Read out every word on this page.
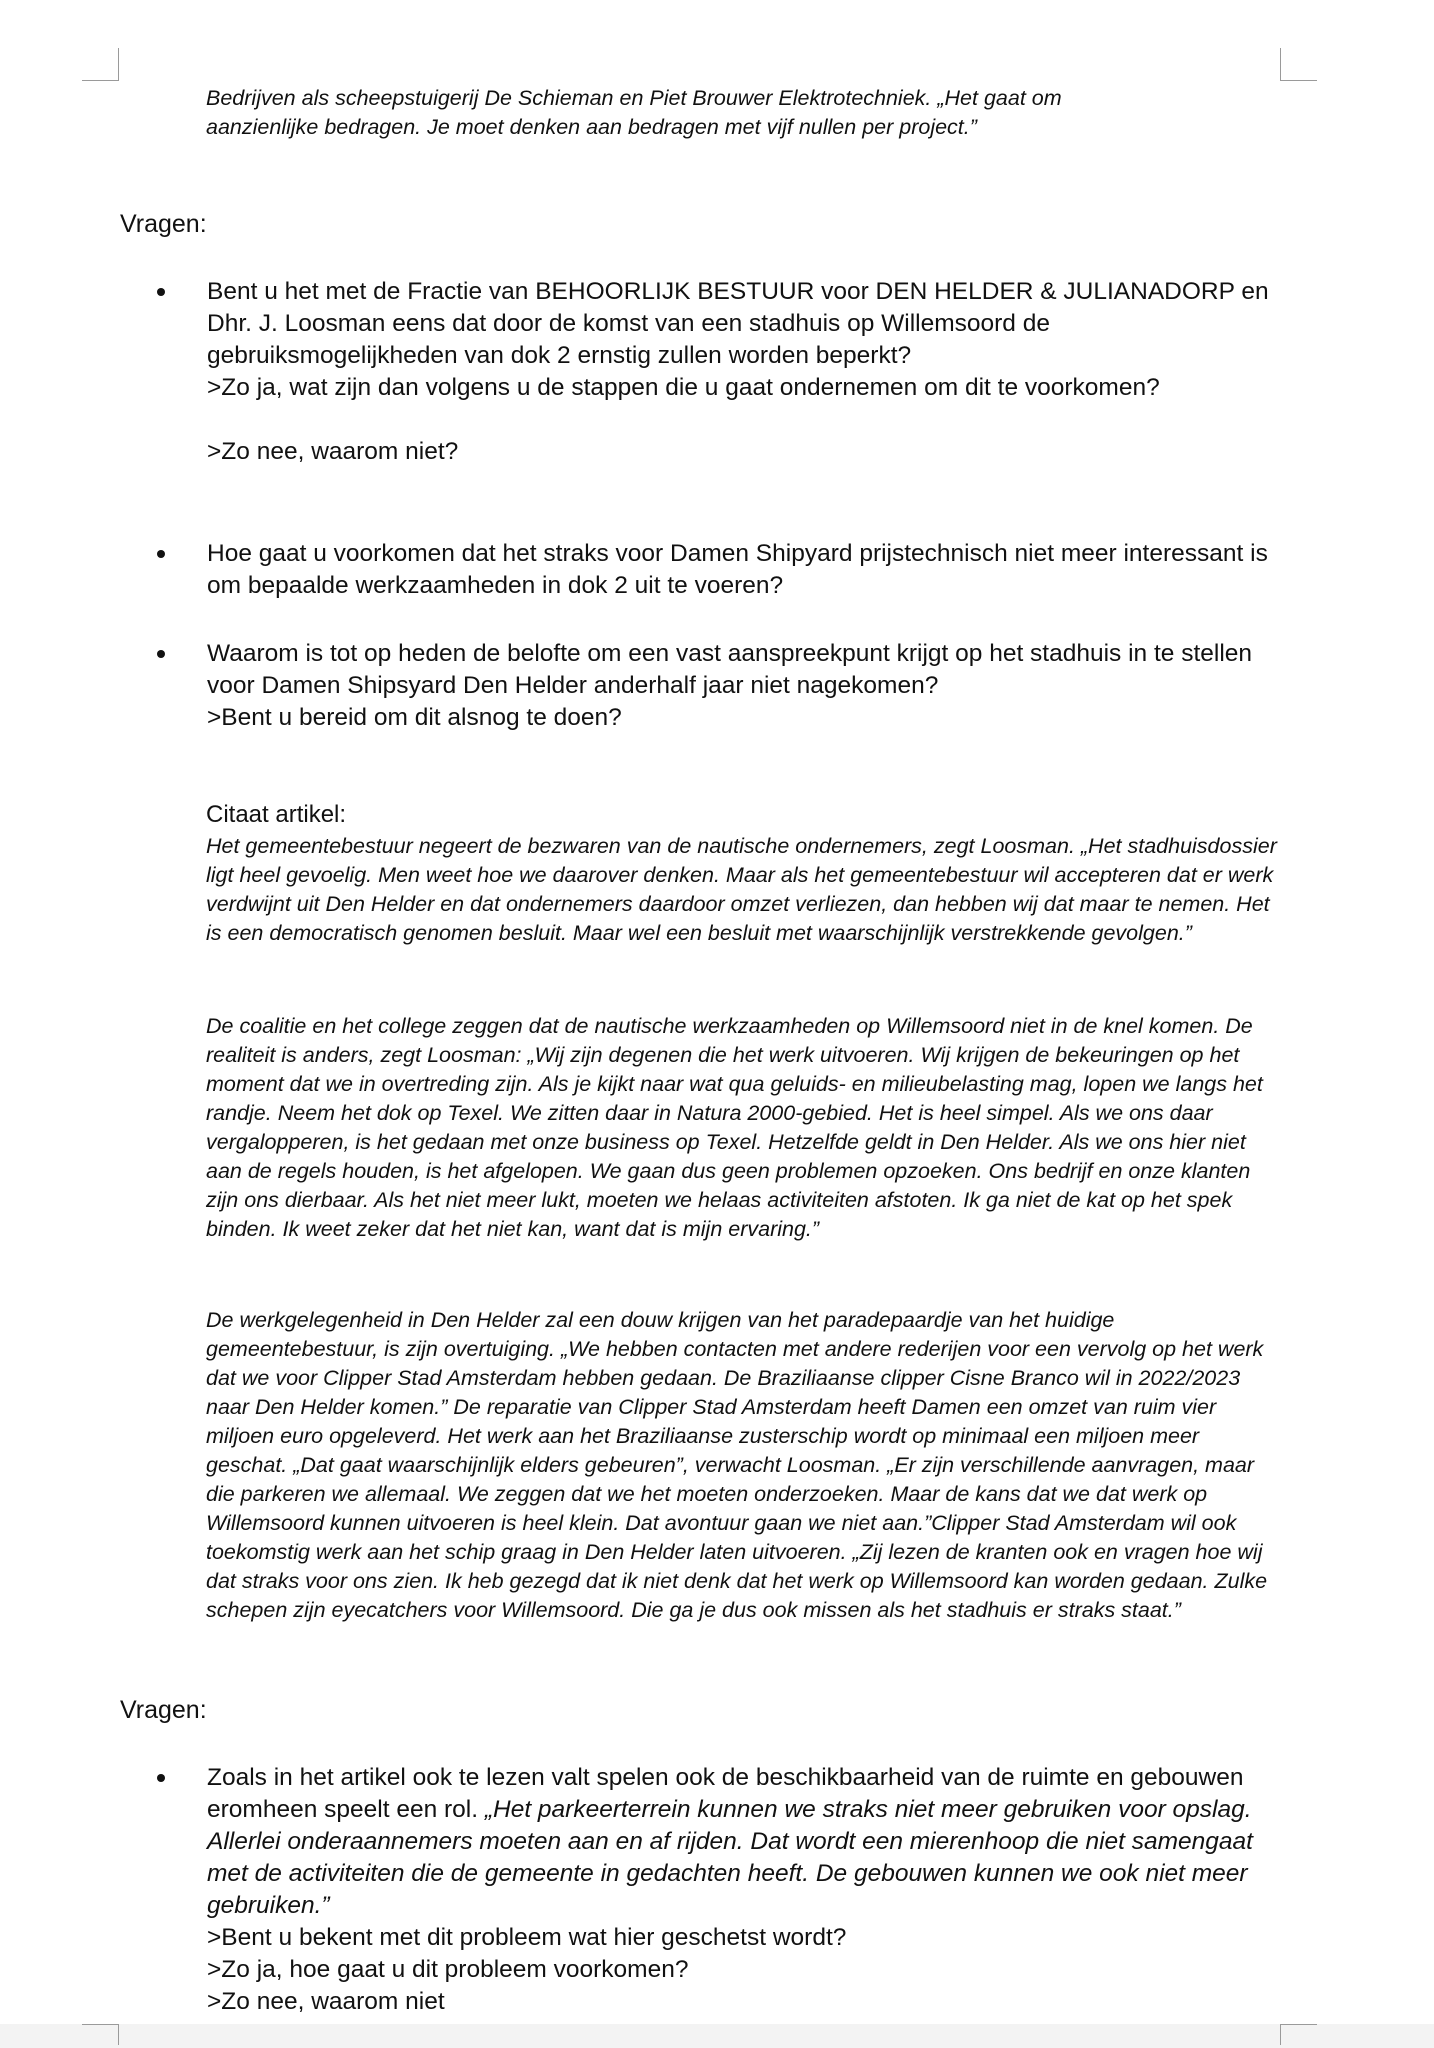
Bedrijven als scheepstuigerij De Schieman en Piet Brouwer Elektrotechniek. „Het gaat om aanzienlijke bedragen. Je moet denken aan bedragen met vijf nullen per project.”

Vragen:

Bent u het met de Fractie van BEHOORLIJK BESTUUR voor DEN HELDER & JULIANADORP en Dhr. J. Loosman eens dat door de komst van een stadhuis op Willemsoord de gebruiksmogelijkheden van dok 2 ernstig zullen worden beperkt?
>Zo ja, wat zijn dan volgens u de stappen die u gaat ondernemen om dit te voorkomen?
>Zo nee, waarom niet?
Hoe gaat u voorkomen dat het straks voor Damen Shipyard prijstechnisch niet meer interessant is om bepaalde werkzaamheden in dok 2 uit te voeren?
Waarom is tot op heden de belofte om een vast aanspreekpunt krijgt op het stadhuis in te stellen voor Damen Shipsyard Den Helder anderhalf jaar niet nagekomen?
>Bent u bereid om dit alsnog te doen?

Citaat artikel:

Het gemeentebestuur negeert de bezwaren van de nautische ondernemers, zegt Loosman. „Het stadhuisdossier ligt heel gevoelig. Men weet hoe we daarover denken. Maar als het gemeentebestuur wil accepteren dat er werk verdwijnt uit Den Helder en dat ondernemers daardoor omzet verliezen, dan hebben wij dat maar te nemen. Het is een democratisch genomen besluit. Maar wel een besluit met waarschijnlijk verstrekkende gevolgen.”

De coalitie en het college zeggen dat de nautische werkzaamheden op Willemsoord niet in de knel komen. De realiteit is anders, zegt Loosman: „Wij zijn degenen die het werk uitvoeren. Wij krijgen de bekeuringen op het moment dat we in overtreding zijn. Als je kijkt naar wat qua geluids- en milieubelasting mag, lopen we langs het randje. Neem het dok op Texel. We zitten daar in Natura 2000-gebied. Het is heel simpel. Als we ons daar vergalopperen, is het gedaan met onze business op Texel. Hetzelfde geldt in Den Helder. Als we ons hier niet aan de regels houden, is het afgelopen. We gaan dus geen problemen opzoeken. Ons bedrijf en onze klanten zijn ons dierbaar. Als het niet meer lukt, moeten we helaas activiteiten afstoten. Ik ga niet de kat op het spek binden. Ik weet zeker dat het niet kan, want dat is mijn ervaring.”

De werkgelegenheid in Den Helder zal een douw krijgen van het paradepaardje van het huidige gemeentebestuur, is zijn overtuiging. „We hebben contacten met andere rederijen voor een vervolg op het werk dat we voor Clipper Stad Amsterdam hebben gedaan. De Braziliaanse clipper Cisne Branco wil in 2022/2023 naar Den Helder komen.” De reparatie van Clipper Stad Amsterdam heeft Damen een omzet van ruim vier miljoen euro opgeleverd. Het werk aan het Braziliaanse zusterschip wordt op minimaal een miljoen meer geschat. „Dat gaat waarschijnlijk elders gebeuren”, verwacht Loosman. „Er zijn verschillende aanvragen, maar die parkeren we allemaal. We zeggen dat we het moeten onderzoeken. Maar de kans dat we dat werk op Willemsoord kunnen uitvoeren is heel klein. Dat avontuur gaan we niet aan.”Clipper Stad Amsterdam wil ook toekomstig werk aan het schip graag in Den Helder laten uitvoeren. „Zij lezen de kranten ook en vragen hoe wij dat straks voor ons zien. Ik heb gezegd dat ik niet denk dat het werk op Willemsoord kan worden gedaan. Zulke schepen zijn eyecatchers voor Willemsoord. Die ga je dus ook missen als het stadhuis er straks staat.”

Vragen:

Zoals in het artikel ook te lezen valt spelen ook de beschikbaarheid van de ruimte en gebouwen eromheen speelt een rol. „Het parkeerterrein kunnen we straks niet meer gebruiken voor opslag. Allerlei onderaannemers moeten aan en af rijden. Dat wordt een mierenhoop die niet samengaat met de activiteiten die de gemeente in gedachten heeft. De gebouwen kunnen we ook niet meer gebruiken.”
>Bent u bekent met dit probleem wat hier geschetst wordt?
>Zo ja, hoe gaat u dit probleem voorkomen?
>Zo nee, waarom niet
